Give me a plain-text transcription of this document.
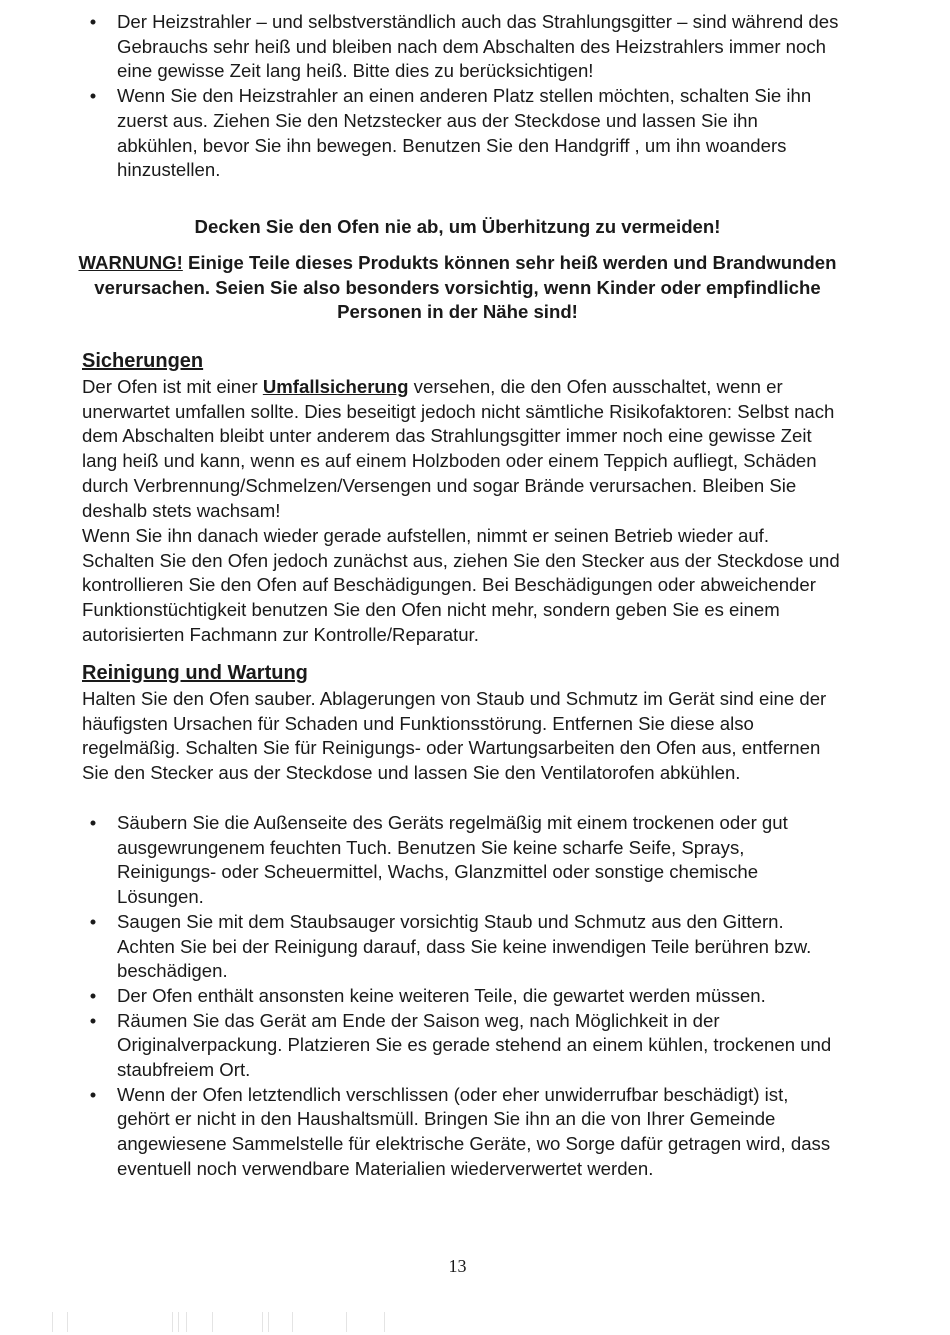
• Der Heizstrahler – und selbstverständlich auch das Strahlungsgitter – sind während des Gebrauchs sehr heiß und bleiben nach dem Abschalten des Heizstrahlers immer noch eine gewisse Zeit lang heiß. Bitte dies zu berücksichtigen!
• Wenn Sie den Heizstrahler an einen anderen Platz stellen möchten, schalten Sie ihn zuerst aus. Ziehen Sie den Netzstecker aus der Steckdose und lassen Sie ihn abkühlen, bevor Sie ihn bewegen. Benutzen Sie den Handgriff , um ihn woanders hinzustellen.
Decken Sie den Ofen nie ab, um Überhitzung zu vermeiden!
WARNUNG! Einige Teile dieses Produkts können sehr heiß werden und Brandwunden verursachen. Seien Sie also besonders vorsichtig, wenn Kinder oder empfindliche Personen in der Nähe sind!
Sicherungen

Der Ofen ist mit einer Umfallsicherung versehen, die den Ofen ausschaltet, wenn er unerwartet umfallen sollte. Dies beseitigt jedoch nicht sämtliche Risikofaktoren: Selbst nach dem Abschalten bleibt unter anderem das Strahlungsgitter immer noch eine gewisse Zeit lang heiß und kann, wenn es auf einem Holzboden oder einem Teppich aufliegt, Schäden durch Verbrennung/Schmelzen/Versengen und sogar Brände verursachen. Bleiben Sie deshalb stets wachsam!

Wenn Sie ihn danach wieder gerade aufstellen, nimmt er seinen Betrieb wieder auf. Schalten Sie den Ofen jedoch zunächst aus, ziehen Sie den Stecker aus der Steckdose und kontrollieren Sie den Ofen auf Beschädigungen. Bei Beschädigungen oder abweichender Funktionstüchtigkeit benutzen Sie den Ofen nicht mehr, sondern geben Sie es einem autorisierten Fachmann zur Kontrolle/Reparatur.

Reinigung und Wartung

Halten Sie den Ofen sauber. Ablagerungen von Staub und Schmutz im Gerät sind eine der häufigsten Ursachen für Schaden und Funktionsstörung. Entfernen Sie diese also regelmäßig. Schalten Sie für Reinigungs- oder Wartungsarbeiten den Ofen aus, entfernen Sie den Stecker aus der Steckdose und lassen Sie den Ventilatorofen abkühlen.

• Säubern Sie die Außenseite des Geräts regelmäßig mit einem trockenen oder gut ausgewrungenem feuchten Tuch. Benutzen Sie keine scharfe Seife, Sprays, Reinigungs- oder Scheuermittel, Wachs, Glanzmittel oder sonstige chemische Lösungen.
• Saugen Sie mit dem Staubsauger vorsichtig Staub und Schmutz aus den Gittern. Achten Sie bei der Reinigung darauf, dass Sie keine inwendigen Teile berühren bzw. beschädigen.
• Der Ofen enthält ansonsten keine weiteren Teile, die gewartet werden müssen.
• Räumen Sie das Gerät am Ende der Saison weg, nach Möglichkeit in der Originalverpackung. Platzieren Sie es gerade stehend an einem kühlen, trockenen und staubfreiem Ort.
• Wenn der Ofen letztendlich verschlissen (oder eher unwiderrufbar beschädigt) ist, gehört er nicht in den Haushaltsmüll. Bringen Sie ihn an die von Ihrer Gemeinde angewiesene Sammelstelle für elektrische Geräte, wo Sorge dafür getragen wird, dass eventuell noch verwendbare Materialien wiederverwertet werden.
13
